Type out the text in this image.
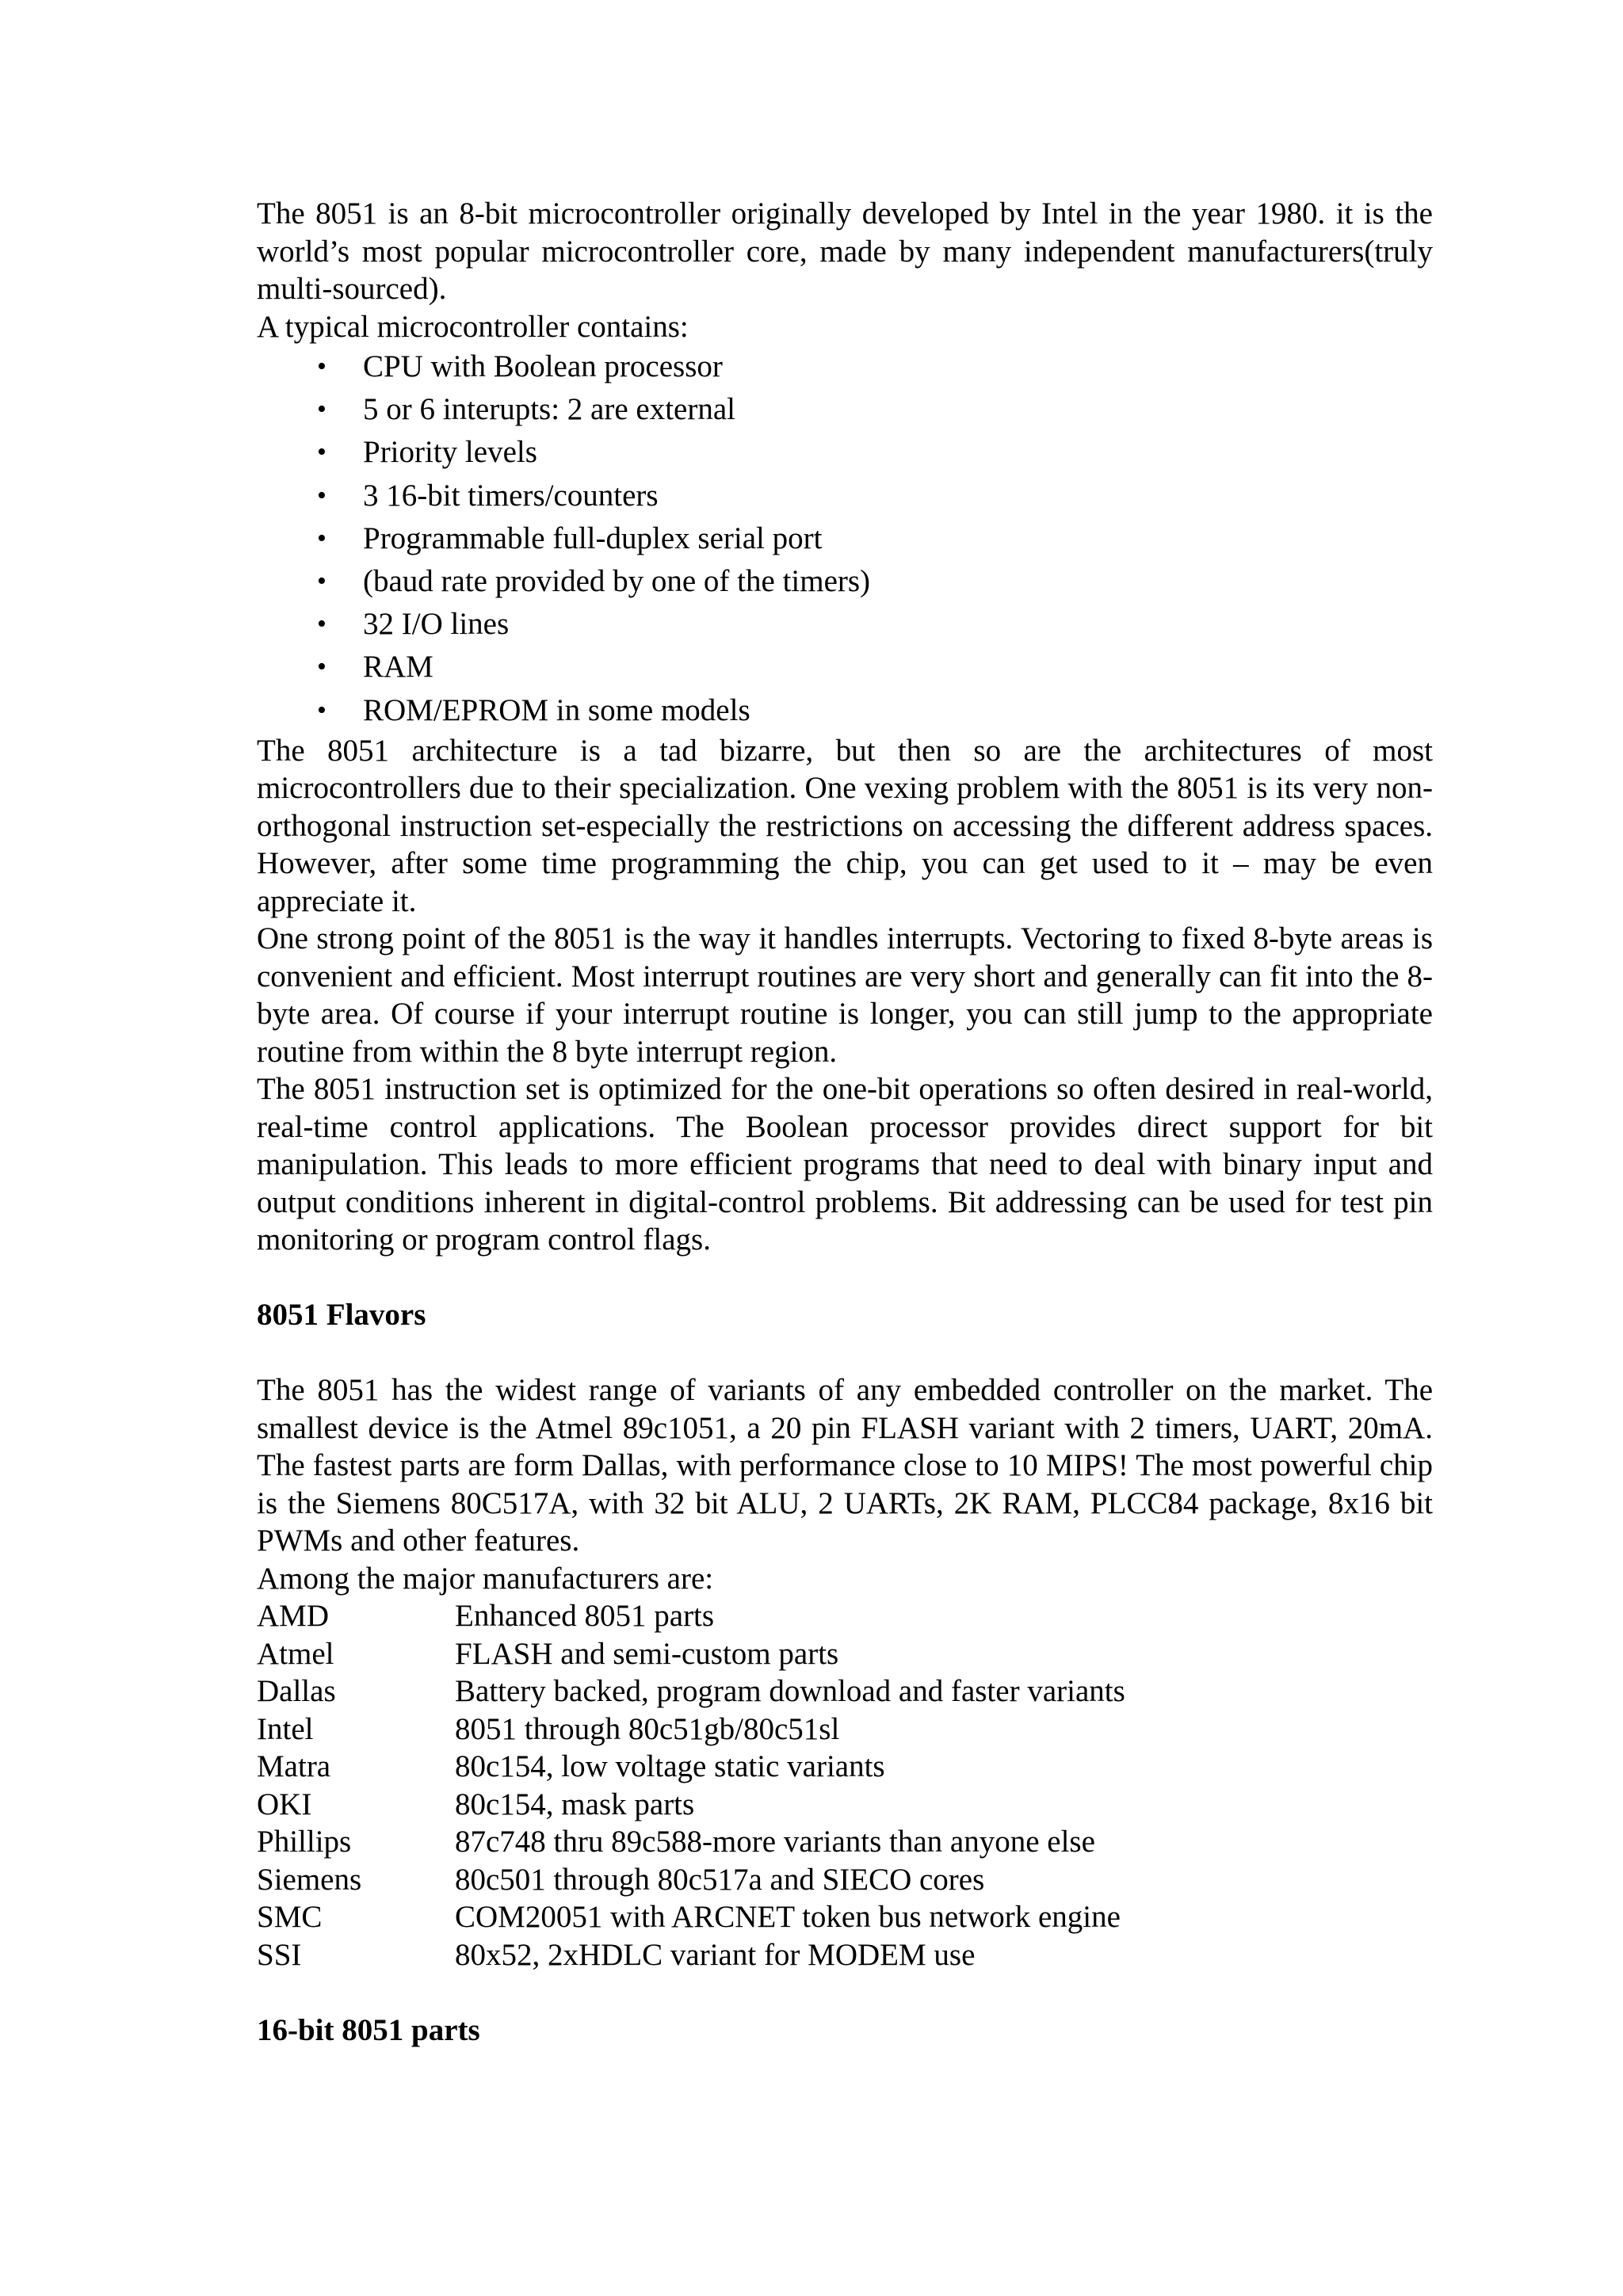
The 8051 is an 8-bit microcontroller originally developed by Intel in the year 1980. it is the world’s most popular microcontroller core, made by many independent manufacturers(truly multi-sourced).

A typical microcontroller contains:

• CPU with Boolean processor
• 5 or 6 interupts: 2 are external
• Priority levels
• 3 16-bit timers/counters
• Programmable full-duplex serial port
• (baud rate provided by one of the timers)
• 32 I/O lines
• RAM
• ROM/EPROM in some models

The 8051 architecture is a tad bizarre, but then so are the architectures of most microcontrollers due to their specialization. One vexing problem with the 8051 is its very non-orthogonal instruction set-especially the restrictions on accessing the different address spaces. However, after some time programming the chip, you can get used to it – may be even appreciate it.

One strong point of the 8051 is the way it handles interrupts. Vectoring to fixed 8-byte areas is convenient and efficient. Most interrupt routines are very short and generally can fit into the 8-byte area. Of course if your interrupt routine is longer, you can still jump to the appropriate routine from within the 8 byte interrupt region.

The 8051 instruction set is optimized for the one-bit operations so often desired in real-world, real-time control applications. The Boolean processor provides direct support for bit manipulation. This leads to more efficient programs that need to deal with binary input and output conditions inherent in digital-control problems. Bit addressing can be used for test pin monitoring or program control flags.

8051 Flavors

The 8051 has the widest range of variants of any embedded controller on the market. The smallest device is the Atmel 89c1051, a 20 pin FLASH variant with 2 timers, UART, 20mA. The fastest parts are form Dallas, with performance close to 10 MIPS! The most powerful chip is the Siemens 80C517A, with 32 bit ALU, 2 UARTs, 2K RAM, PLCC84 package, 8x16 bit PWMs and other features.

Among the major manufacturers are:

AMD	Enhanced 8051 parts
Atmel	FLASH and semi-custom parts
Dallas	Battery backed, program download and faster variants
Intel	8051 through 80c51gb/80c51sl
Matra	80c154, low voltage static variants
OKI	80c154, mask parts
Phillips	87c748 thru 89c588-more variants than anyone else
Siemens	80c501 through 80c517a and SIECO cores
SMC	COM20051 with ARCNET token bus network engine
SSI	80x52, 2xHDLC variant for MODEM use
16-bit 8051 parts
